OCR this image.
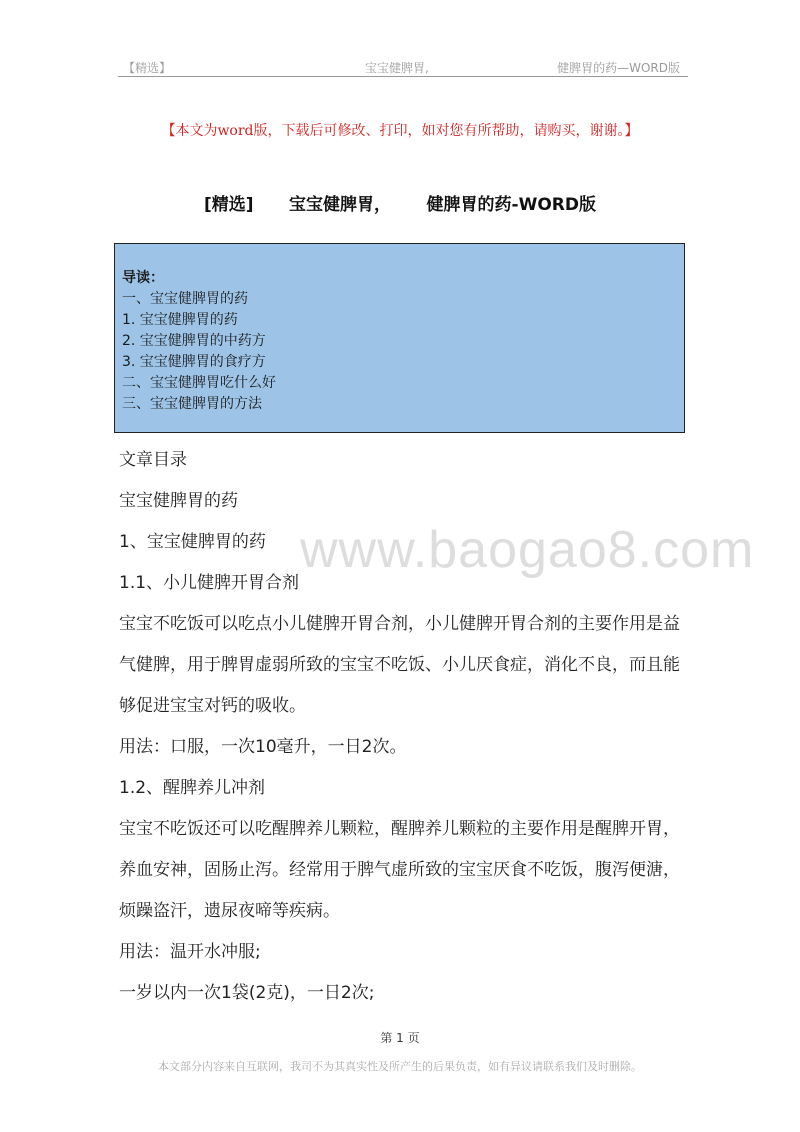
【精选】	宝宝健脾胃,	健脾胃的药—WORD版
【本文为word版，下载后可修改、打印，如对您有所帮助，请购买，谢谢。】
[精选]      宝宝健脾胃，      健脾胃的药-WORD版
导读：
一、宝宝健脾胃的药
1. 宝宝健脾胃的药
2. 宝宝健脾胃的中药方
3. 宝宝健脾胃的食疗方
二、宝宝健脾胃吃什么好
三、宝宝健脾胃的方法
www.baogao8.com

文章目录

宝宝健脾胃的药

1、宝宝健脾胃的药

1.1、小儿健脾开胃合剂

宝宝不吃饭可以吃点小儿健脾开胃合剂，小儿健脾开胃合剂的主要作用是益气健脾，用于脾胃虚弱所致的宝宝不吃饭、小儿厌食症，消化不良，而且能够促进宝宝对钙的吸收。

用法：口服，一次10毫升，一日2次。

1.2、醒脾养儿冲剂

宝宝不吃饭还可以吃醒脾养儿颗粒，醒脾养儿颗粒的主要作用是醒脾开胃，养血安神，固肠止泻。经常用于脾气虚所致的宝宝厌食不吃饭，腹泻便溏，烦躁盗汗，遗尿夜啼等疾病。

用法：温开水冲服;

一岁以内一次1袋(2克)，一日2次;

第 1 页
本文部分内容来自互联网，我司不为其真实性及所产生的后果负责，如有异议请联系我们及时删除。
